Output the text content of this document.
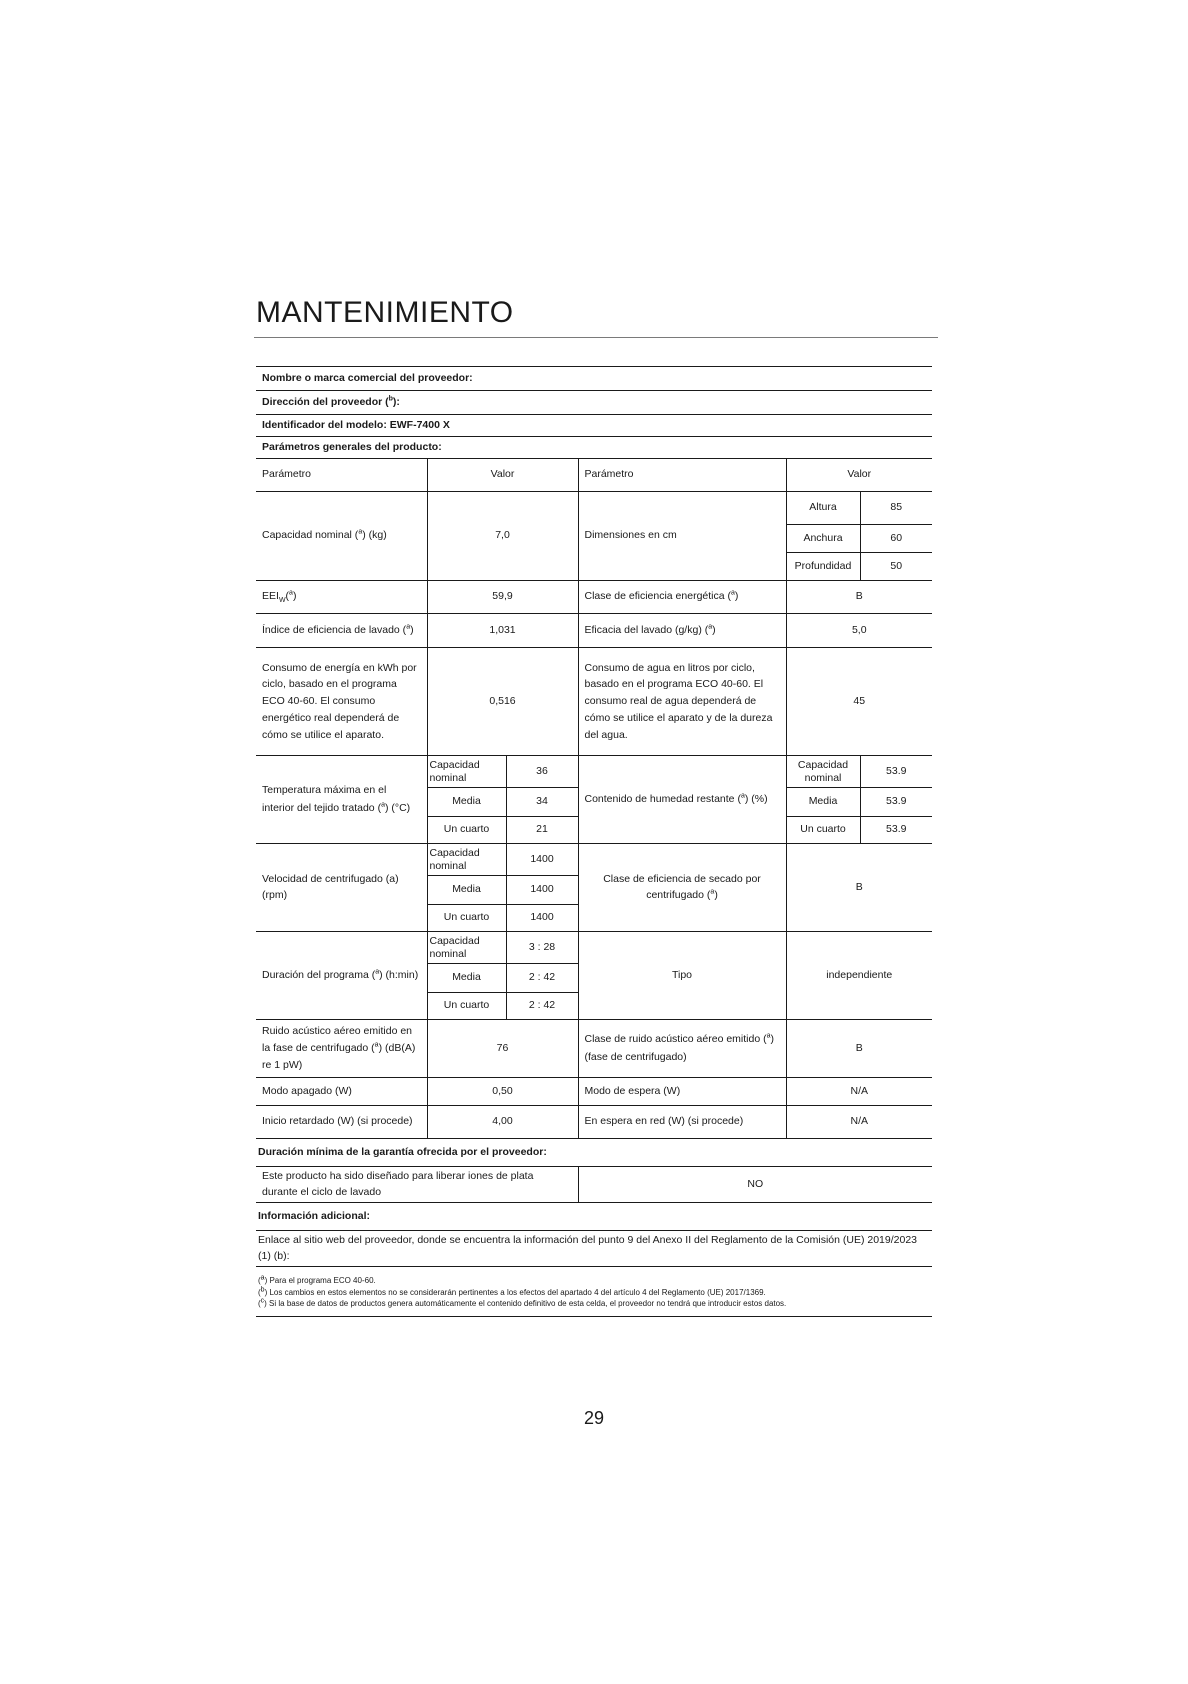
MANTENIMIENTO
Nombre o marca comercial del proveedor:					
Dirección del proveedor ($^b$):					
Identificador del modelo: EWF-7400 X					
Parámetros generales del producto:					
Parámetro	Valor		Parámetro	Valor	
Capacidad nominal ($^a$) (kg)	7,0		Dimensiones en cm	Altura	85
				Anchura	60
				Profundidad	50
$EEI_W(^a)$	59,9		Clase de eficiencia energética ($^a$)	B	
Índice de eficiencia de lavado ($^a$)	1,031		Eficacia del lavado (g/kg) ($^a$)	5,0	
Consumo de energía en kWh por ciclo, basado en el programa ECO 40-60. El consumo energético real dependerá de cómo se utilice el aparato.	0,516		Consumo de agua en litros por ciclo, basado en el programa ECO 40-60. El consumo real de agua dependerá de cómo se utilice el aparato y de la dureza del agua.	45	
Temperatura máxima en el interior del tejido tratado ($^a$) (°C)	Capacidad nominal	36	Contenido de humedad restante ($^a$) (%)	Capacidad nominal	53.9
	Media	34		Media	53.9
	Un cuarto	21		Un cuarto	53.9
Velocidad de centrifugado (a) (rpm)	Capacidad nominal	1400	Clase de eficiencia de secado por centrifugado ($^a$)	B	
	Media	1400			
	Un cuarto	1400			
Duración del programa ($^a$) (h:min)	Capacidad nominal	3 : 28	Tipo	independiente	
	Media	2 : 42			
	Un cuarto	2 : 42			
Ruido acústico aéreo emitido en la fase de centrifugado ($^a$) (dB(A) re 1 pW)	76		Clase de ruido acústico aéreo emitido ($^a$) (fase de centrifugado)	B	
Modo apagado (W)	0,50		Modo de espera (W)	N/A	
Inicio retardado (W) (si procede)	4,00		En espera en red (W) (si procede)	N/A	
Duración mínima de la garantía ofrecida por el proveedor:					
Este producto ha sido diseñado para liberar iones de plata durante el ciclo de lavado			NO		
Información adicional:					
Enlace al sitio web del proveedor, donde se encuentra la información del punto 9 del Anexo II del Reglamento de la Comisión (UE) 2019/2023 (1) (b):					

($^a$) Para el programa ECO 40-60.
($^b$) Los cambios en estos elementos no se considerarán pertinentes a los efectos del apartado 4 del artículo 4 del Reglamento (UE) 2017/1369.
($^c$) Si la base de datos de productos genera automáticamente el contenido definitivo de esta celda, el proveedor no tendrá que introducir estos datos.					
29
